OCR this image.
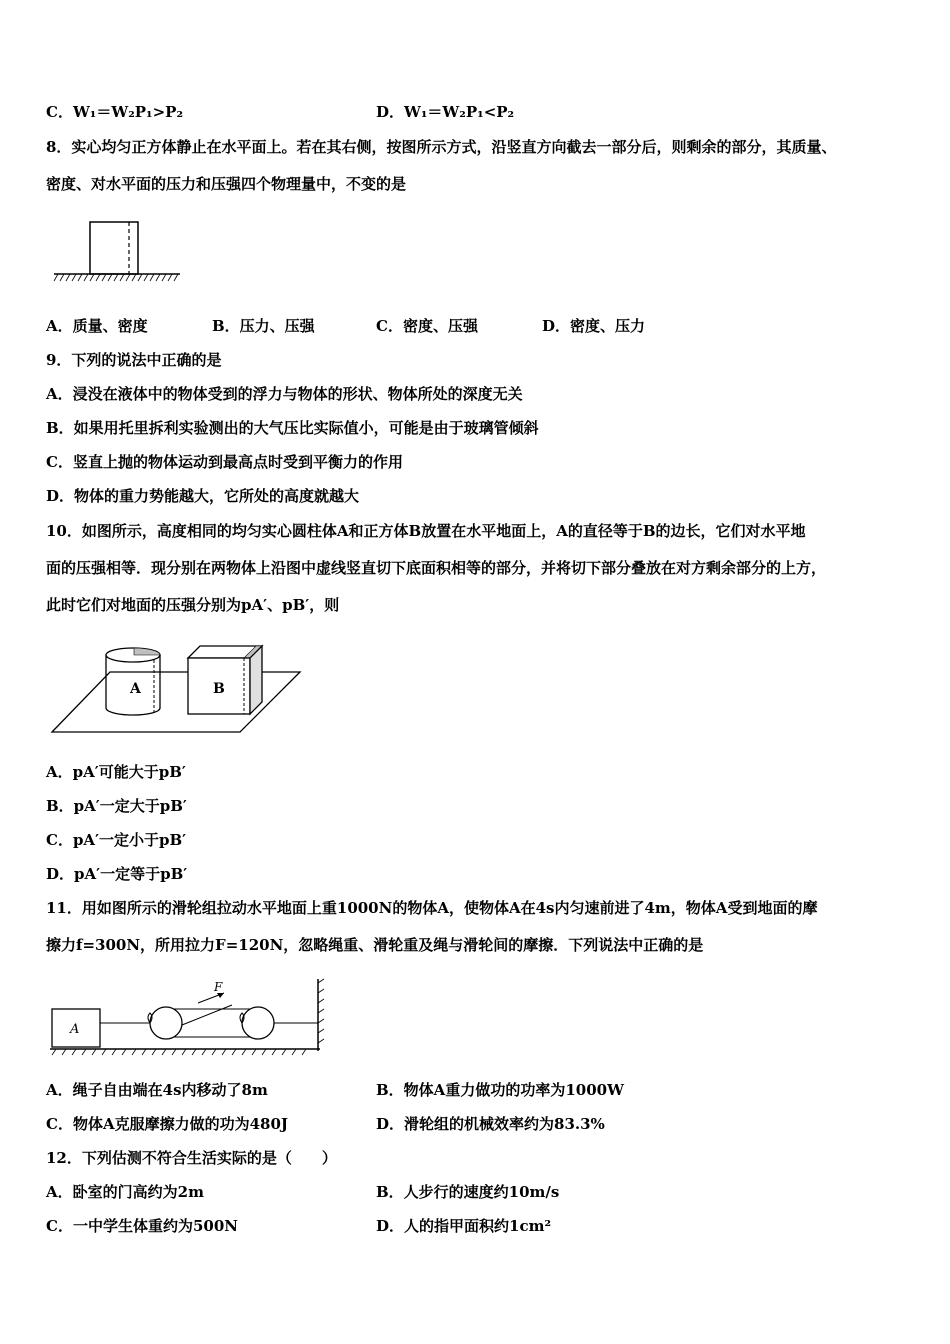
C．W₁＝W₂P₁>P₂	D．W₁＝W₂P₁<P₂
8．实心均匀正方体静止在水平面上。若在其右侧，按图所示方式，沿竖直方向截去一部分后，则剩余的部分，其质量、
密度、对水平面的压力和压强四个物理量中，不变的是
A．质量、密度	B．压力、压强	C．密度、压强	D．密度、压力
9．下列的说法中正确的是
A．浸没在液体中的物体受到的浮力与物体的形状、物体所处的深度无关
B．如果用托里拆利实验测出的大气压比实际值小，可能是由于玻璃管倾斜
C．竖直上抛的物体运动到最高点时受到平衡力的作用
D．物体的重力势能越大，它所处的高度就越大
10．如图所示，高度相同的均匀实心圆柱体A和正方体B放置在水平地面上，A的直径等于B的边长，它们对水平地
面的压强相等．现分别在两物体上沿图中虚线竖直切下底面积相等的部分，并将切下部分叠放在对方剩余部分的上方，
此时它们对地面的压强分别为pA′、pB′，则
A	B
A．pA′可能大于pB′
B．pA′一定大于pB′
C．pA′一定小于pB′
D．pA′一定等于pB′
11．用如图所示的滑轮组拉动水平地面上重1000N的物体A，使物体A在4s内匀速前进了4m，物体A受到地面的摩
擦力f=300N，所用拉力F=120N，忽略绳重、滑轮重及绳与滑轮间的摩擦．下列说法中正确的是
A
F
A．绳子自由端在4s内移动了8m	B．物体A重力做功的功率为1000W
C．物体A克服摩擦力做的功为480J	D．滑轮组的机械效率约为83.3%
12．下列估测不符合生活实际的是（　　）
A．卧室的门高约为2m	B．人步行的速度约10m/s
C．一中学生体重约为500N	D．人的指甲面积约1cm²
